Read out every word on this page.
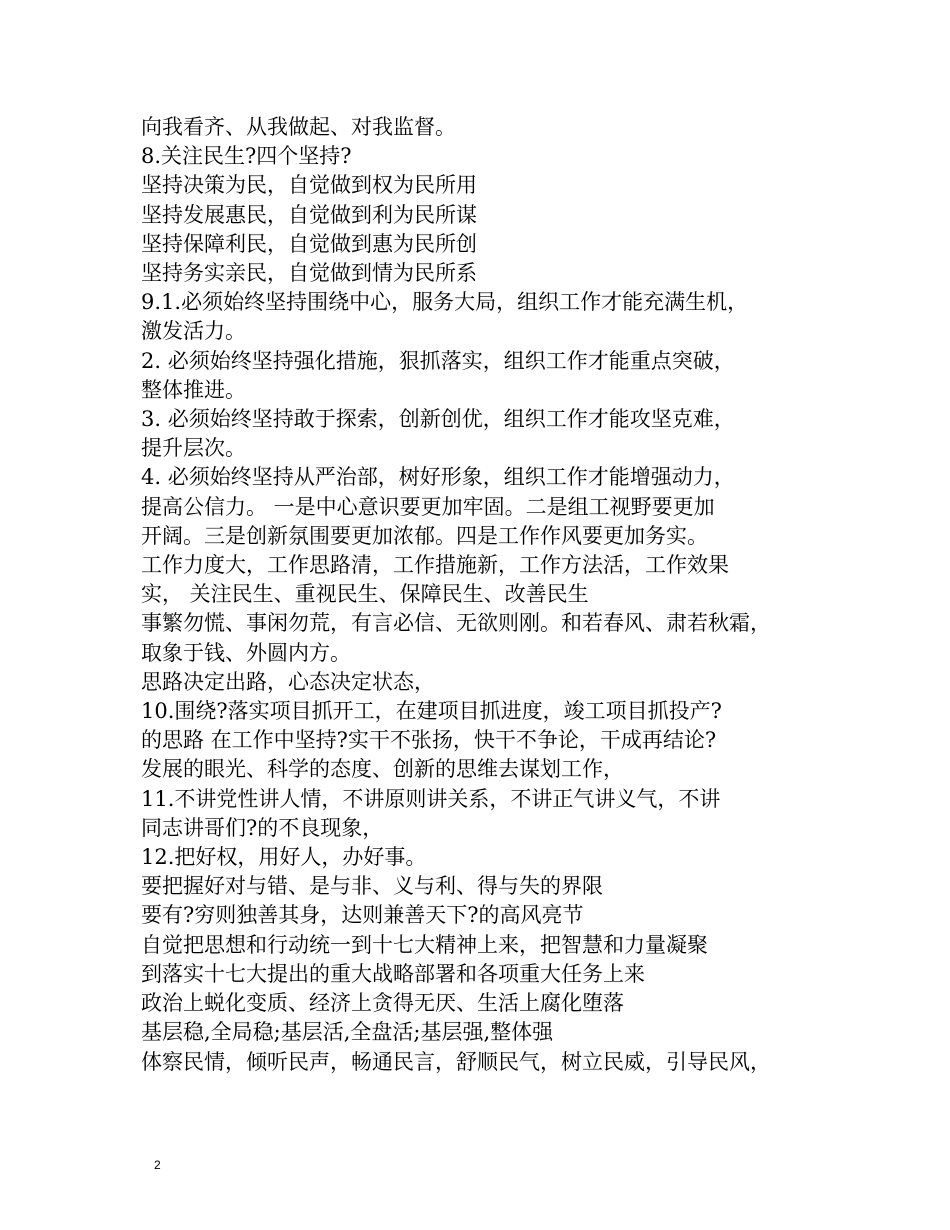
向我看齐、从我做起、对我监督。
8.关注民生?四个坚持?
坚持决策为民，自觉做到权为民所用
坚持发展惠民，自觉做到利为民所谋
坚持保障利民，自觉做到惠为民所创
坚持务实亲民，自觉做到情为民所系
9.1.必须始终坚持围绕中心，服务大局，组织工作才能充满生机，
激发活力。
2. 必须始终坚持强化措施，狠抓落实，组织工作才能重点突破，
整体推进。
3. 必须始终坚持敢于探索，创新创优，组织工作才能攻坚克难，
提升层次。
4. 必须始终坚持从严治部，树好形象，组织工作才能增强动力，
提高公信力。 一是中心意识要更加牢固。二是组工视野要更加
开阔。三是创新氛围要更加浓郁。四是工作作风要更加务实。
工作力度大，工作思路清，工作措施新，工作方法活，工作效果
实， 关注民生、重视民生、保障民生、改善民生
事繁勿慌、事闲勿荒，有言必信、无欲则刚。和若春风、肃若秋霜，
取象于钱、外圆内方。
思路决定出路，心态决定状态，
10.围绕?落实项目抓开工，在建项目抓进度，竣工项目抓投产?
的思路 在工作中坚持?实干不张扬，快干不争论，干成再结论?
发展的眼光、科学的态度、创新的思维去谋划工作，
11.不讲党性讲人情，不讲原则讲关系，不讲正气讲义气，不讲
同志讲哥们?的不良现象，
12.把好权，用好人，办好事。
要把握好对与错、是与非、义与利、得与失的界限
要有?穷则独善其身，达则兼善天下?的高风亮节
自觉把思想和行动统一到十七大精神上来，把智慧和力量凝聚
到落实十七大提出的重大战略部署和各项重大任务上来
政治上蜕化变质、经济上贪得无厌、生活上腐化堕落
基层稳,全局稳;基层活,全盘活;基层强,整体强
体察民情，倾听民声，畅通民言，舒顺民气，树立民威，引导民风，
2
